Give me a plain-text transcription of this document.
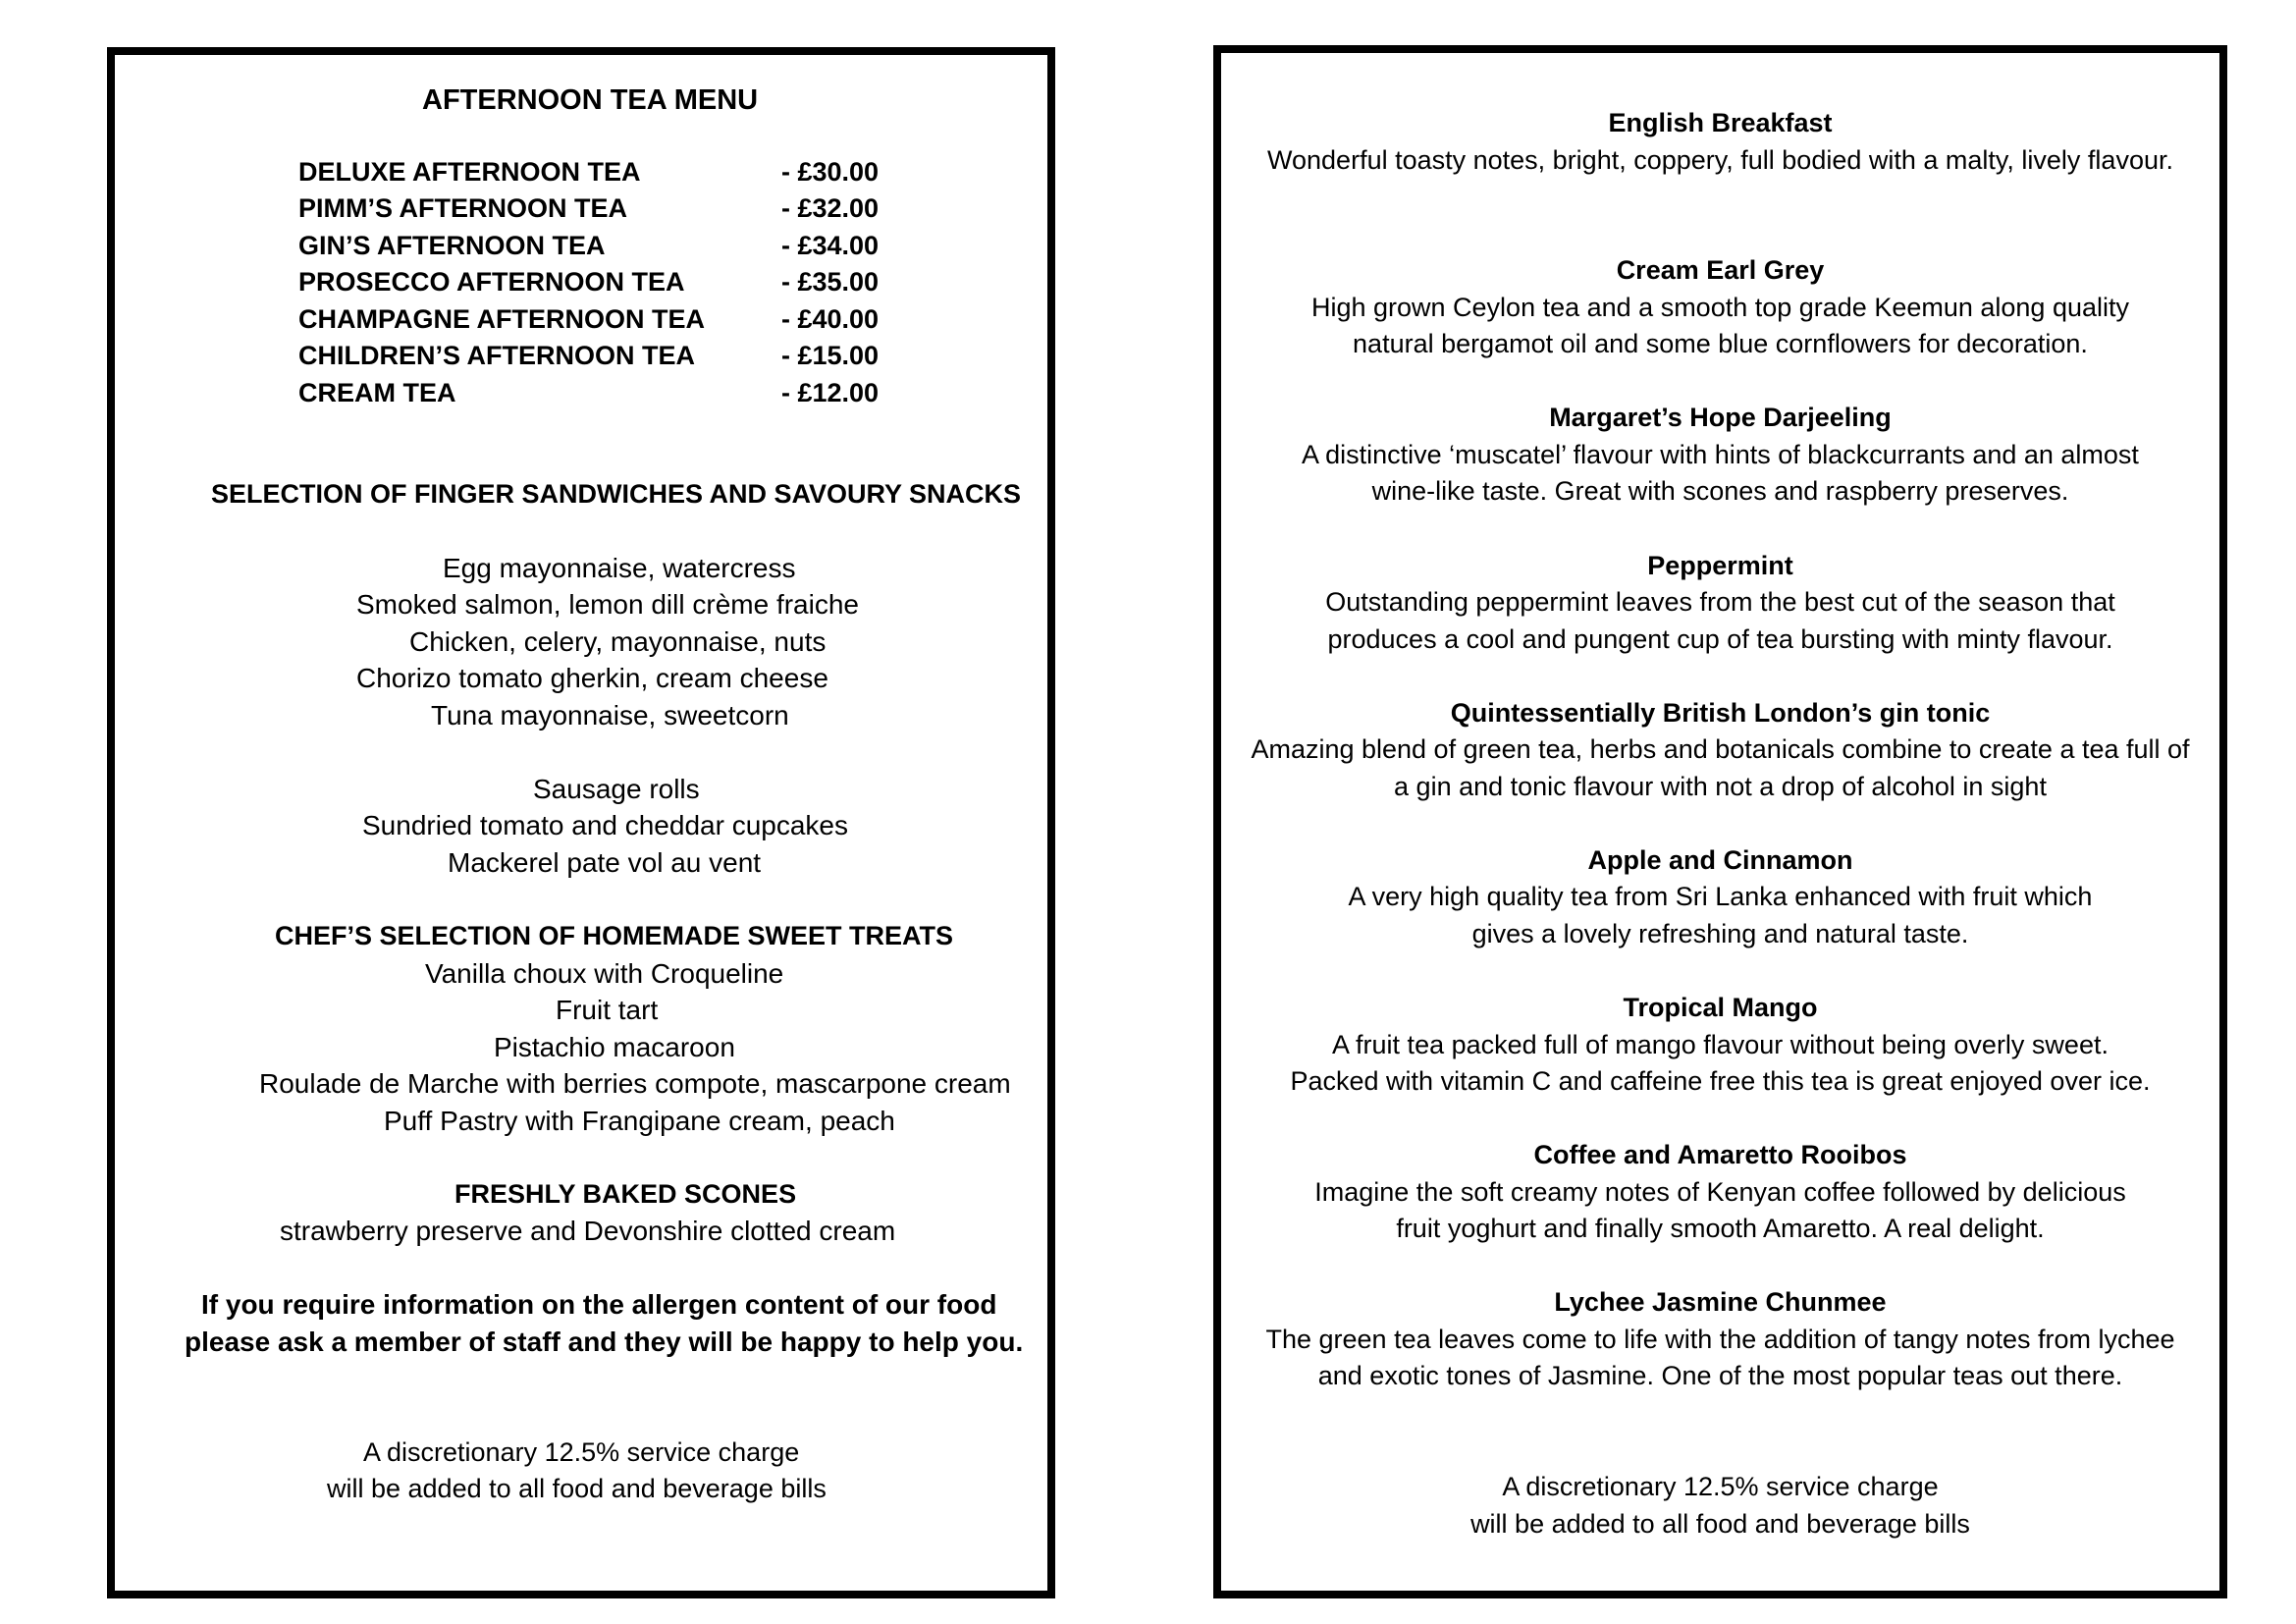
AFTERNOON TEA MENU
DELUXE AFTERNOON TEA	- £30.00
PIMM’S AFTERNOON TEA	- £32.00
GIN’S AFTERNOON TEA	- £34.00
PROSECCO AFTERNOON TEA	- £35.00
CHAMPAGNE AFTERNOON TEA	- £40.00
CHILDREN’S AFTERNOON TEA	- £15.00
CREAM TEA	- £12.00
SELECTION OF FINGER SANDWICHES AND SAVOURY SNACKS
Egg mayonnaise, watercress
Smoked salmon, lemon dill crème fraiche
Chicken, celery, mayonnaise, nuts
Chorizo tomato gherkin, cream cheese
Tuna mayonnaise, sweetcorn
Sausage rolls
Sundried tomato and cheddar cupcakes
Mackerel pate vol au vent
CHEF’S SELECTION OF HOMEMADE SWEET TREATS
Vanilla choux with Croqueline
Fruit tart
Pistachio macaroon
Roulade de Marche with berries compote, mascarpone cream
Puff Pastry with Frangipane cream, peach
FRESHLY BAKED SCONES
strawberry preserve and Devonshire clotted cream
If you require information on the allergen content of our food
please ask a member of staff and they will be happy to help you.
A discretionary 12.5% service charge
will be added to all food and beverage bills
English Breakfast
Wonderful toasty notes, bright, coppery, full bodied with a malty, lively flavour.
Cream Earl Grey
High grown Ceylon tea and a smooth top grade Keemun along quality
natural bergamot oil and some blue cornflowers for decoration.
Margaret’s Hope Darjeeling
A distinctive ‘muscatel’ flavour with hints of blackcurrants and an almost
wine-like taste. Great with scones and raspberry preserves.
Peppermint
Outstanding peppermint leaves from the best cut of the season that
produces a cool and pungent cup of tea bursting with minty flavour.
Quintessentially British London’s gin tonic
Amazing blend of green tea, herbs and botanicals combine to create a tea full of
a gin and tonic flavour with not a drop of alcohol in sight
Apple and Cinnamon
A very high quality tea from Sri Lanka enhanced with fruit which
gives a lovely refreshing and natural taste.
Tropical Mango
A fruit tea packed full of mango flavour without being overly sweet.
Packed with vitamin C and caffeine free this tea is great enjoyed over ice.
Coffee and Amaretto Rooibos
Imagine the soft creamy notes of Kenyan coffee followed by delicious
fruit yoghurt and finally smooth Amaretto. A real delight.
Lychee Jasmine Chunmee
The green tea leaves come to life with the addition of tangy notes from lychee
and exotic tones of Jasmine. One of the most popular teas out there.
A discretionary 12.5% service charge
will be added to all food and beverage bills
